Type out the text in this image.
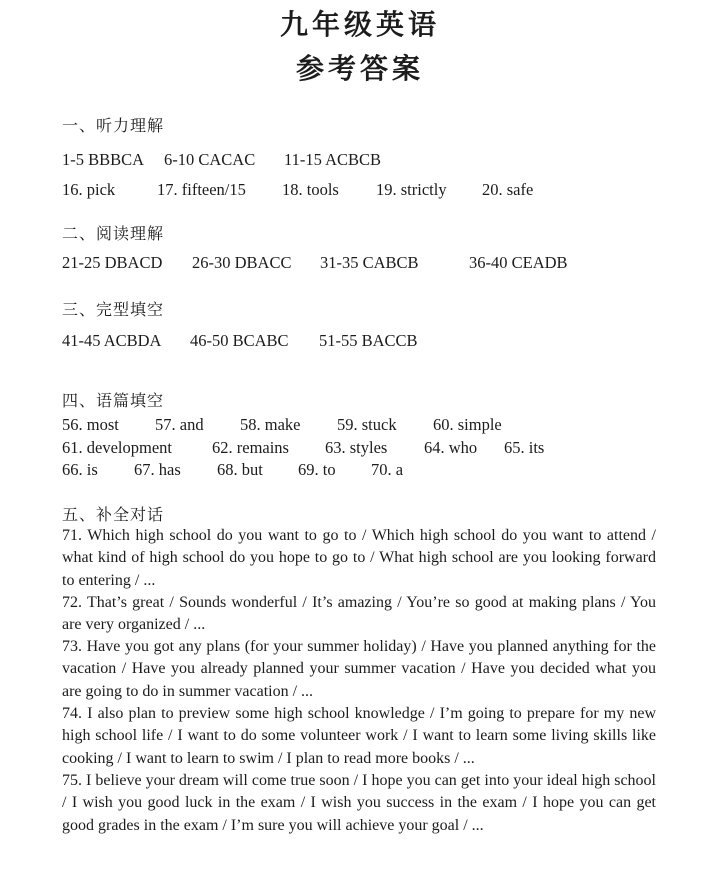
九年级英语
参考答案
一、听力理解
1-5 BBBCA 6-10 CACAC 11-15 ACBCB
16. pick	17. fifteen/15 18. tools 19. strictly 20. safe
二、阅读理解
21-25 DBACD 26-30 DBACC 31-35 CABCB	36-40 CEADB
三、完型填空
41-45 ACBDA 46-50 BCABC 51-55 BACCB
四、语篇填空
56. most 57. and 58. make 59. stuck 60. simple
61. development 62. remains 63. styles 64. who 65. its
66. is 67. has 68. but 69. to 70. a
五、补全对话
71. Which high school do you want to go to / Which high school do you want to attend / what kind of high school do you hope to go to / What high school are you looking forward to entering / ...
72. That’s great / Sounds wonderful / It’s amazing / You’re so good at making plans / You are very organized / ...
73. Have you got any plans (for your summer holiday) / Have you planned anything for the vacation / Have you already planned your summer vacation / Have you decided what you are going to do in summer vacation / ...
74. I also plan to preview some high school knowledge / I’m going to prepare for my new high school life / I want to do some volunteer work / I want to learn some living skills like cooking / I want to learn to swim / I plan to read more books / ...
75. I believe your dream will come true soon / I hope you can get into your ideal high school / I wish you good luck in the exam / I wish you success in the exam / I hope you can get good grades in the exam / I’m sure you will achieve your goal / ...
